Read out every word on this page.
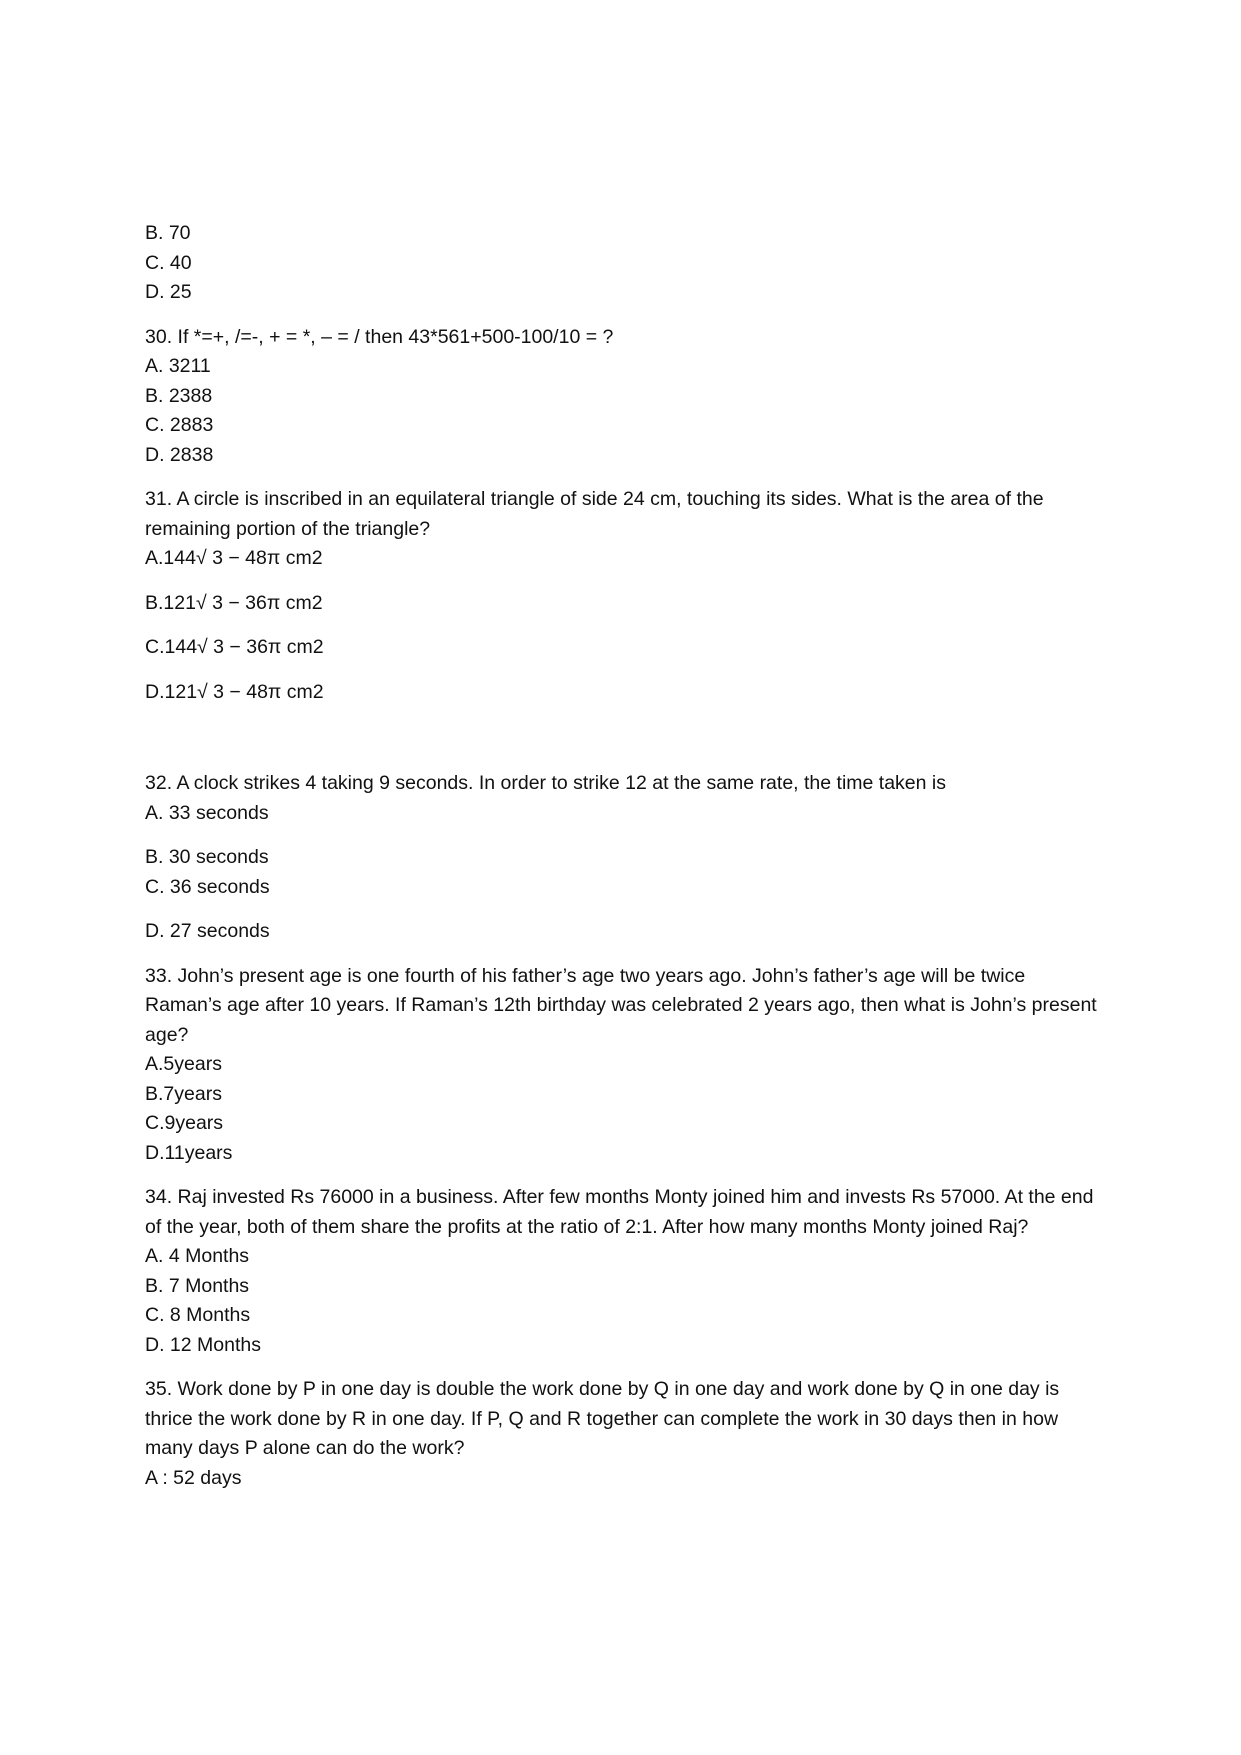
B. 70
C. 40
D. 25
30. If *=+, /=-, + = *, – = / then 43*561+500-100/10 = ?
A. 3211
B. 2388
C. 2883
D. 2838
31. A circle is inscribed in an equilateral triangle of side 24 cm, touching its sides. What is the area of the remaining portion of the triangle?
A.144√ 3 − 48π cm2
B.121√ 3 − 36π cm2
C.144√ 3 − 36π cm2
D.121√ 3 − 48π cm2
32. A clock strikes 4 taking 9 seconds. In order to strike 12 at the same rate, the time taken is
A. 33 seconds
B. 30 seconds
C. 36 seconds
D. 27 seconds
33. John’s present age is one fourth of his father’s age two years ago. John’s father’s age will be twice Raman’s age after 10 years. If Raman’s 12th birthday was celebrated 2 years ago, then what is John’s present age?
A.5years
B.7years
C.9years
D.11years
34. Raj invested Rs 76000 in a business. After few months Monty joined him and invests Rs 57000. At the end of the year, both of them share the profits at the ratio of 2:1. After how many months Monty joined Raj?
A. 4 Months
B. 7 Months
C. 8 Months
D. 12 Months
35. Work done by P in one day is double the work done by Q in one day and work done by Q in one day is thrice the work done by R in one day. If P, Q and R together can complete the work in 30 days then in how many days P alone can do the work?
A : 52 days
